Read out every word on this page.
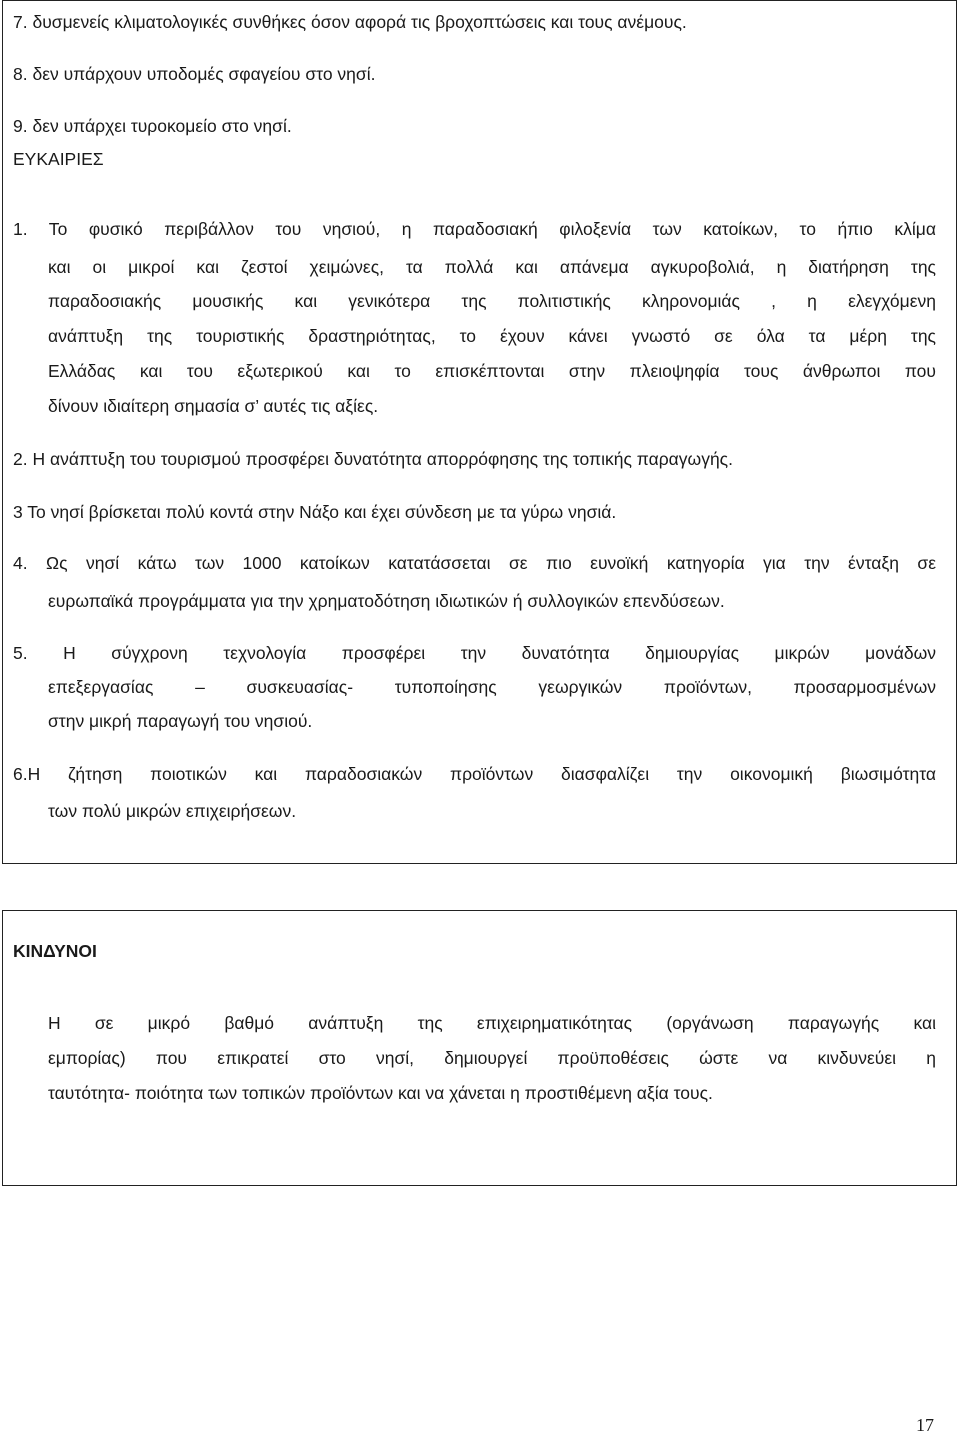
7. δυσμενείς κλιματολογικές συνθήκες όσον αφορά τις βροχοπτώσεις και τους ανέμους.
8. δεν υπάρχουν υποδομές σφαγείου στο νησί.
9. δεν υπάρχει τυροκομείο στο νησί.
ΕΥΚΑΙΡΙΕΣ
1. Το φυσικό περιβάλλον του νησιού, η παραδοσιακή φιλοξενία των κατοίκων, το ήπιο κλίμα
και οι μικροί και ζεστοί χειμώνες, τα πολλά και απάνεμα αγκυροβολιά, η διατήρηση της
παραδοσιακής μουσικής και γενικότερα της πολιτιστικής κληρονομιάς , η ελεγχόμενη
ανάπτυξη της τουριστικής δραστηριότητας, το έχουν κάνει γνωστό σε όλα τα μέρη της
Ελλάδας και του εξωτερικού και το επισκέπτονται στην πλειοψηφία τους άνθρωποι που
δίνουν ιδιαίτερη σημασία σ’ αυτές τις αξίες.
2. Η ανάπτυξη του τουρισμού προσφέρει δυνατότητα απορρόφησης της τοπικής παραγωγής.
3 Το νησί βρίσκεται πολύ κοντά στην Νάξο και έχει σύνδεση με τα γύρω νησιά.
4. Ως νησί κάτω των 1000 κατοίκων κατατάσσεται σε πιο ευνοϊκή κατηγορία για την ένταξη σε
ευρωπαϊκά προγράμματα για την χρηματοδότηση ιδιωτικών ή συλλογικών επενδύσεων.
5. Η σύγχρονη τεχνολογία προσφέρει την δυνατότητα δημιουργίας μικρών μονάδων
επεξεργασίας – συσκευασίας- τυποποίησης γεωργικών προϊόντων, προσαρμοσμένων
στην μικρή παραγωγή του νησιού.
6.Η ζήτηση ποιοτικών και παραδοσιακών προϊόντων διασφαλίζει την οικονομική βιωσιμότητα
των πολύ μικρών επιχειρήσεων.
ΚΙΝΔΥΝΟΙ
Η σε μικρό βαθμό ανάπτυξη της επιχειρηματικότητας (οργάνωση παραγωγής και
εμπορίας) που επικρατεί στο νησί, δημιουργεί προϋποθέσεις ώστε να κινδυνεύει η
ταυτότητα- ποιότητα των τοπικών προϊόντων και να χάνεται η προστιθέμενη αξία τους.
17
